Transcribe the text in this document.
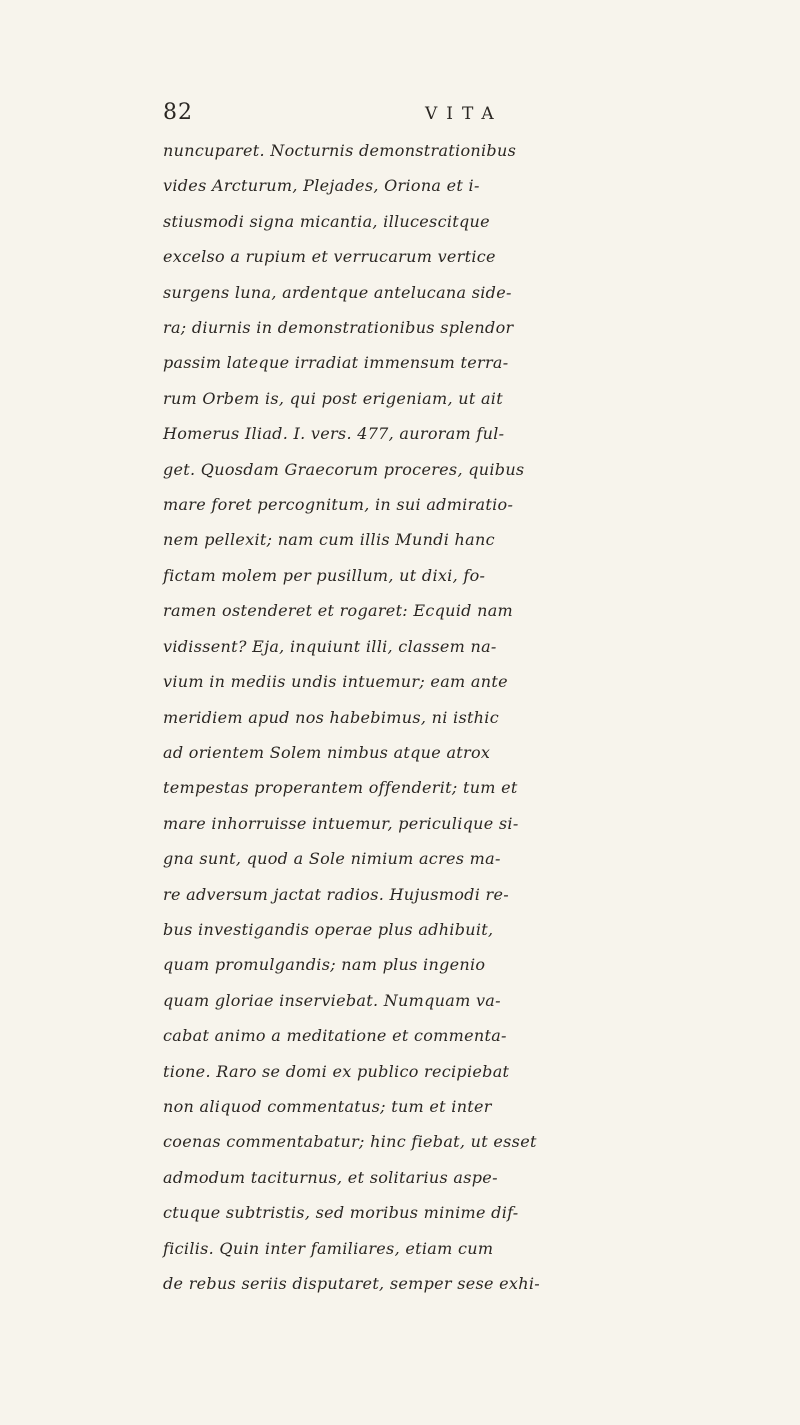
82	VITA
nuncuparet. Nocturnis demonstrationibus
vides Arcturum, Plejades, Oriona et i-
stiusmodi signa micantia, illucescitque
excelso a rupium et verrucarum vertice
surgens luna, ardentque antelucana side-
ra; diurnis in demonstrationibus splendor
passim lateque irradiat immensum terra-
rum Orbem is, qui post erigeniam, ut ait
Homerus Iliad. I. vers. 477, auroram ful-
get. Quosdam Graecorum proceres, quibus
mare foret percognitum, in sui admiratio-
nem pellexit; nam cum illis Mundi hanc
fictam molem per pusillum, ut dixi, fo-
ramen ostenderet et rogaret: Ecquid nam
vidissent? Eja, inquiunt illi, classem na-
vium in mediis undis intuemur; eam ante
meridiem apud nos habebimus, ni isthic
ad orientem Solem nimbus atque atrox
tempestas properantem offenderit; tum et
mare inhorruisse intuemur, periculique si-
gna sunt, quod a Sole nimium acres ma-
re adversum jactat radios. Hujusmodi re-
bus investigandis operae plus adhibuit,
quam promulgandis; nam plus ingenio
quam gloriae inserviebat. Numquam va-
cabat animo a meditatione et commenta-
tione. Raro se domi ex publico recipiebat
non aliquod commentatus; tum et inter
coenas commentabatur; hinc fiebat, ut esset
admodum taciturnus, et solitarius aspe-
ctuque subtristis, sed moribus minime dif-
ficilis. Quin inter familiares, etiam cum
de rebus seriis disputaret, semper sese exhi-
